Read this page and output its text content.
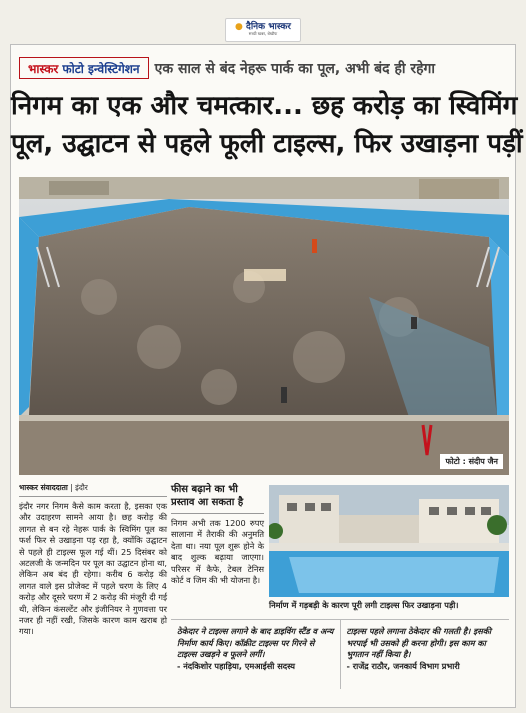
● दैनिक भास्कर
सच्ची खबर, बेखौफ
भास्कर फोटो इन्वेस्टिगेशन एक साल से बंद नेहरू पार्क का पूल, अभी बंद ही रहेगा
निगम का एक और चमत्कार... छह करोड़ का स्विमिंग
पूल, उद्घाटन से पहले फूली टाइल्स, फिर उखाड़ना पड़ीं
फोटो : संदीप जैन
भास्कर संवाददाता | इंदौर
इंदौर नगर निगम कैसे काम करता है, इसका एक और उदाहरण सामने आया है। छह करोड़ की लागत से बन रहे नेहरू पार्क के स्विमिंग पूल का फर्श फिर से उखाड़ना पड़ रहा है, क्योंकि उद्घाटन से पहले ही टाइल्स फूल गई थीं। 25 दिसंबर को अटलजी के जन्मदिन पर पूल का उद्घाटन होना था, लेकिन अब बंद ही रहेगा। करीब 6 करोड़ की लागत वाले इस प्रोजेक्ट में पहले चरण के लिए 4 करोड़ और दूसरे चरण में 2 करोड़ की मंजूरी दी गई थी, लेकिन कंसल्टेंट और इंजीनियर ने गुणवत्ता पर नजर ही नहीं रखी, जिसके कारण काम खराब हो गया।
फीस बढ़ाने का भी प्रस्ताव आ सकता है
निगम अभी तक 1200 रुपए सालाना में तैराकी की अनुमति देता था। नया पूल शुरू होने के बाद शुल्क बढ़ाया जाएगा। परिसर में कैफे, टेबल टेनिस कोर्ट व जिम की भी योजना है।
निर्माण में गड़बड़ी के कारण पूरी लगी टाइल्स फिर उखाड़ना पड़ी।
ठेकेदार ने टाइल्स लगाने के बाद डाइविंग स्टैंड व अन्य निर्माण कार्य किए। कॉक्रीट टाइल्स पर गिरने से टाइल्स उखड़ने व फूलने लगीं।
- नंदकिशोर पहाड़िया, एमआईसी सदस्य
टाइल्स पहले लगाना ठेकेदार की गलती है। इसकी भरपाई भी उसको ही करना होगी। इस काम का भुगतान नहीं किया है।
- राजेंद्र राठौर, जनकार्य विभाग प्रभारी
